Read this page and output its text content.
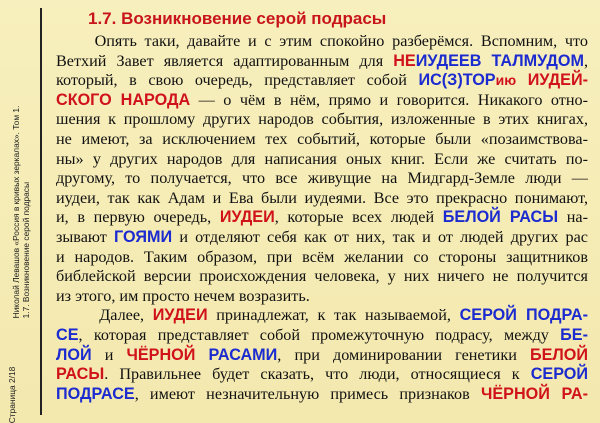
Николай Левашов «Россия в кривых зеркалах». Том 1. 1.7. Возникновение серой подрасы
Страница 2/18
1.7. Возникновение серой подрасы
Опять таки, давайте и с этим спокойно разберёмся. Вспомним, что
Ветхий Завет является адаптированным для НЕИУДЕЕВ ТАЛМУДОМ,
который, в свою очередь, представляет собой ИС(З)ТОРию ИУДЕЙ-
СКОГО НАРОДА — о чём в нём, прямо и говорится. Никакого отно-
шения к прошлому других народов события, изложенные в этих книгах,
не имеют, за исключением тех событий, которые были «позаимствова-
ны» у других народов для написания оных книг. Если же считать по-
другому, то получается, что все живущие на Мидгард-Земле люди —
иудеи, так как Адам и Ева были иудеями. Все это прекрасно понимают,
и, в первую очередь, ИУДЕИ, которые всех людей БЕЛОЙ РАСЫ на-
зывают ГОЯМИ и отделяют себя как от них, так и от людей других рас
и народов. Таким образом, при всём желании со стороны защитников
библейской версии происхождения человека, у них ничего не получится
из этого, им просто нечем возразить.
Далее, ИУДЕИ принадлежат, к так называемой, СЕРОЙ ПОДРА-
СЕ, которая представляет собой промежуточную подрасу, между БЕ-
ЛОЙ и ЧЁРНОЙ РАСАМИ, при доминировании генетики БЕЛОЙ
РАСЫ. Правильнее будет сказать, что люди, относящиеся к СЕРОЙ
ПОДРАСЕ, имеют незначительную примесь признаков ЧЁРНОЙ РА-
